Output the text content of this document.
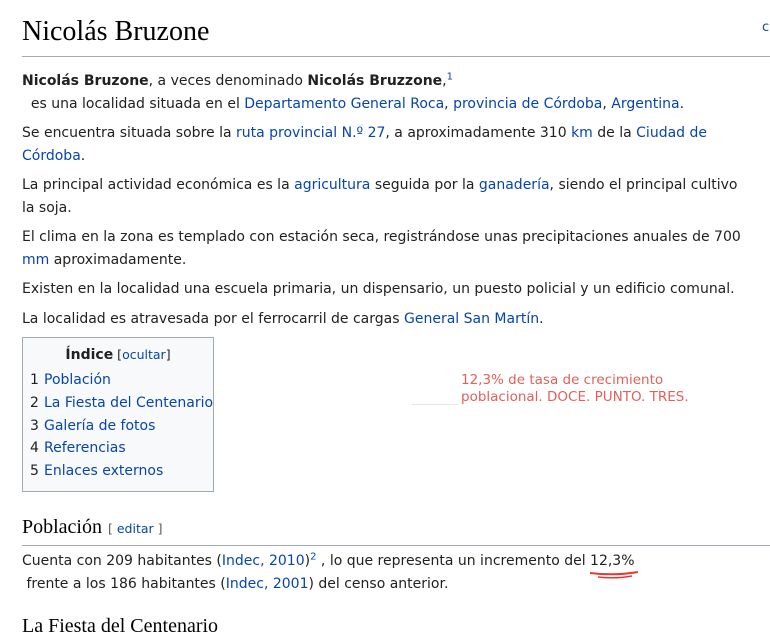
Nicolás Bruzone	c

Nicolás Bruzone, a veces denominado Nicolás Bruzzone,$^1$  es una localidad situada en el Departamento General Roca, provincia de Córdoba, Argentina.

Se encuentra situada sobre la ruta provincial N.º 27, a aproximadamente 310 km de la Ciudad de Córdoba.

La principal actividad económica es la agricultura seguida por la ganadería, siendo el principal cultivo la soja.

El clima en la zona es templado con estación seca, registrándose unas precipitaciones anuales de 700 mm aproximadamente.

Existen en la localidad una escuela primaria, un dispensario, un puesto policial y un edificio comunal.

La localidad es atravesada por el ferrocarril de cargas General San Martín.

Índice [ocultar]
1 Población
2 La Fiesta del Centenario
3 Galería de fotos
4 Referencias
5 Enlaces externos
12,3% de tasa de crecimiento poblacional. DOCE. PUNTO. TRES.
Población [ editar ]

Cuenta con 209 habitantes (Indec, 2010)$^2$ , lo que representa un incremento del 12,3%
frente a los 186 habitantes (Indec, 2001) del censo anterior.

La Fiesta del Centenario
